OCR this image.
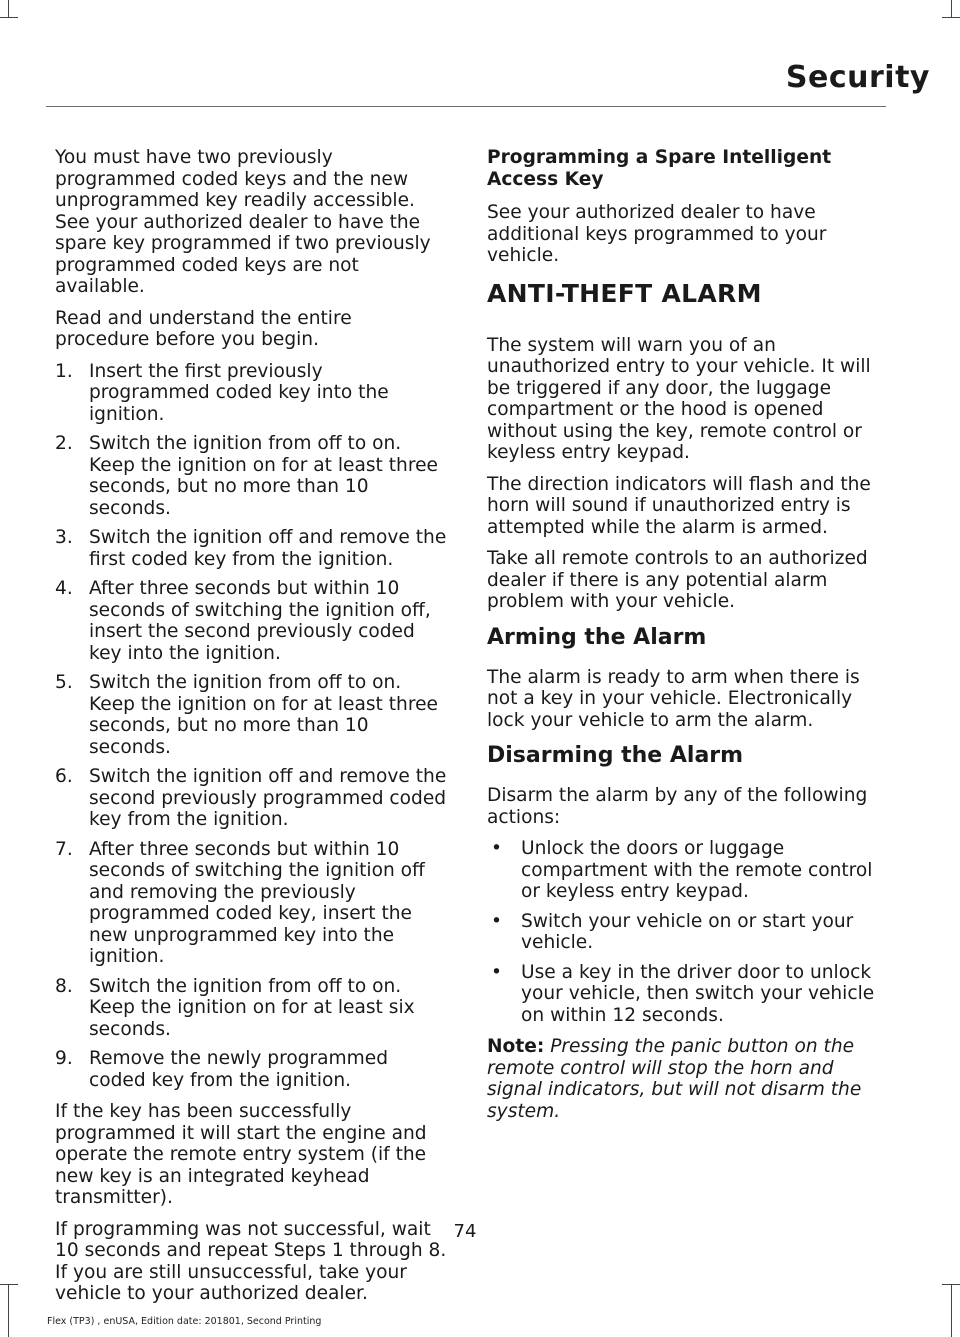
Security

You must have two previously programmed coded keys and the new unprogrammed key readily accessible. See your authorized dealer to have the spare key programmed if two previously programmed coded keys are not available.

Read and understand the entire procedure before you begin.

1. Insert the first previously programmed coded key into the ignition.
2. Switch the ignition from off to on. Keep the ignition on for at least three seconds, but no more than 10 seconds.
3. Switch the ignition off and remove the first coded key from the ignition.
4. After three seconds but within 10 seconds of switching the ignition off, insert the second previously coded key into the ignition.
5. Switch the ignition from off to on. Keep the ignition on for at least three seconds, but no more than 10 seconds.
6. Switch the ignition off and remove the second previously programmed coded key from the ignition.
7. After three seconds but within 10 seconds of switching the ignition off and removing the previously programmed coded key, insert the new unprogrammed key into the ignition.
8. Switch the ignition from off to on. Keep the ignition on for at least six seconds.
9. Remove the newly programmed coded key from the ignition.

If the key has been successfully programmed it will start the engine and operate the remote entry system (if the new key is an integrated keyhead transmitter).

If programming was not successful, wait 10 seconds and repeat Steps 1 through 8. If you are still unsuccessful, take your vehicle to your authorized dealer.

Programming a Spare Intelligent Access Key

See your authorized dealer to have additional keys programmed to your vehicle.

ANTI-THEFT ALARM

The system will warn you of an unauthorized entry to your vehicle. It will be triggered if any door, the luggage compartment or the hood is opened without using the key, remote control or keyless entry keypad.

The direction indicators will flash and the horn will sound if unauthorized entry is attempted while the alarm is armed.

Take all remote controls to an authorized dealer if there is any potential alarm problem with your vehicle.

Arming the Alarm

The alarm is ready to arm when there is not a key in your vehicle. Electronically lock your vehicle to arm the alarm.

Disarming the Alarm

Disarm the alarm by any of the following actions:

• Unlock the doors or luggage compartment with the remote control or keyless entry keypad.
• Switch your vehicle on or start your vehicle.
• Use a key in the driver door to unlock your vehicle, then switch your vehicle on within 12 seconds.

Note: Pressing the panic button on the remote control will stop the horn and signal indicators, but will not disarm the system.

74
Flex (TP3) , enUSA, Edition date: 201801, Second Printing
